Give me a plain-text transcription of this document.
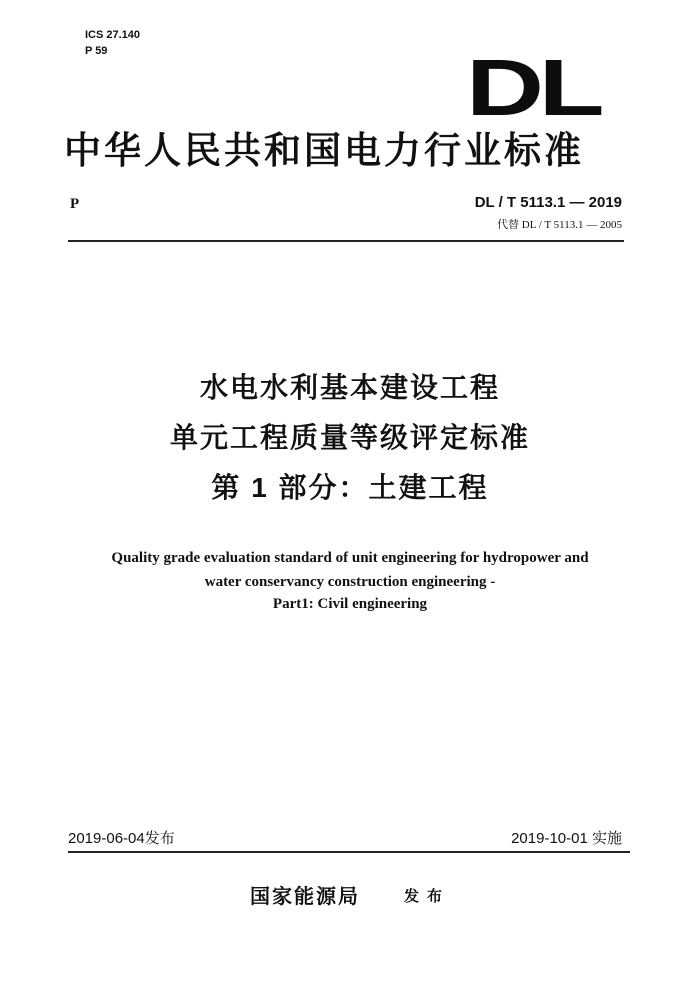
ICS 27.140
P 59	DL
中华人民共和国电力行业标准
P	DL / T 5113.1 — 2019
代替 DL / T 5113.1 — 2005
水电水利基本建设工程
单元工程质量等级评定标准
第 1 部分：土建工程
Quality grade evaluation standard of unit engineering for hydropower and
water conservancy construction engineering -
Part1: Civil engineering
2019-06-04发布	2019-10-01 实施
国家能源局	发布
